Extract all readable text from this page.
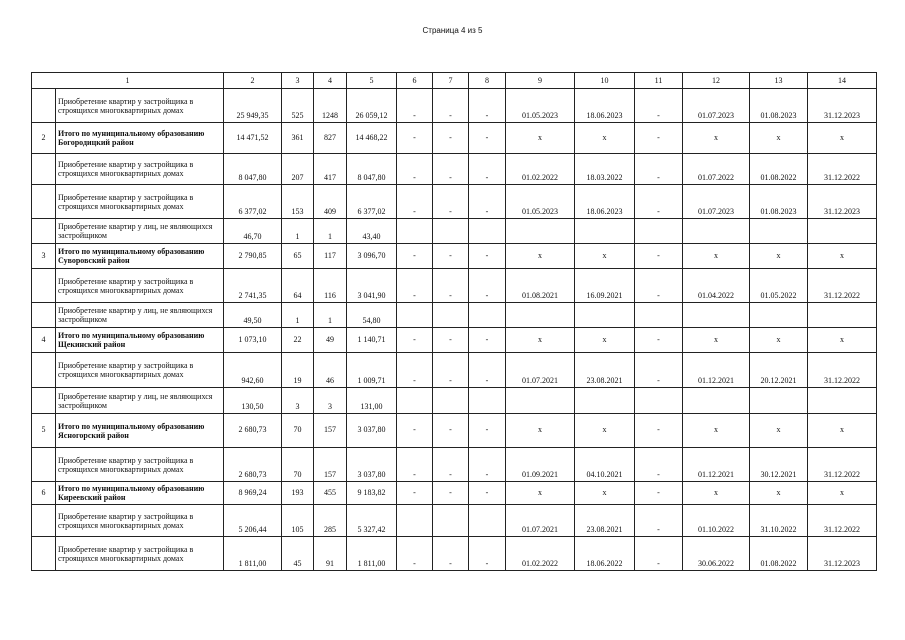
Страница 4 из 5
1		2	3	4	5	6	7	8	9	10	11	12	13	14
	Приобретение квартир у застройщика в строящихся многоквартирных домах	25 949,35	525	1248	26 059,12	-	-	-	01.05.2023	18.06.2023	-	01.07.2023	01.08.2023	31.12.2023
2	Итого по муниципальному образованию Богородицкий район	14 471,52	361	827	14 468,22	-	-	-	х	х	-	х	х	х
	Приобретение квартир у застройщика в строящихся многоквартирных домах	8 047,80	207	417	8 047,80	-	-	-	01.02.2022	18.03.2022	-	01.07.2022	01.08.2022	31.12.2022
	Приобретение квартир у застройщика в строящихся многоквартирных домах	6 377,02	153	409	6 377,02	-	-	-	01.05.2023	18.06.2023	-	01.07.2023	01.08.2023	31.12.2023
	Приобретение квартир у лиц, не являющихся застройщиком	46,70	1	1	43,40									
3	Итого по муниципальному образованию Суворовский район	2 790,85	65	117	3 096,70	-	-	-	х	х	-	х	х	х
	Приобретение квартир у застройщика в строящихся многоквартирных домах	2 741,35	64	116	3 041,90	-	-	-	01.08.2021	16.09.2021	-	01.04.2022	01.05.2022	31.12.2022
	Приобретение квартир у лиц, не являющихся застройщиком	49,50	1	1	54,80									
4	Итого по муниципальному образованию Щекинский район	1 073,10	22	49	1 140,71	-	-	-	х	х	-	х	х	х
	Приобретение квартир у застройщика в строящихся многоквартирных домах	942,60	19	46	1 009,71	-	-	-	01.07.2021	23.08.2021	-	01.12.2021	20.12.2021	31.12.2022
	Приобретение квартир у лиц, не являющихся застройщиком	130,50	3	3	131,00									
5	Итого по муниципальному образованию Ясногорский район	2 680,73	70	157	3 037,80	-	-	-	х	х	-	х	х	х
	Приобретение квартир у застройщика в строящихся многоквартирных домах	2 680,73	70	157	3 037,80	-	-	-	01.09.2021	04.10.2021	-	01.12.2021	30.12.2021	31.12.2022
6	Итого по муниципальному образованию Киреевский район	8 969,24	193	455	9 183,82	-	-	-	х	х	-	х	х	х
	Приобретение квартир у застройщика в строящихся многоквартирных домах	5 206,44	105	285	5 327,42				01.07.2021	23.08.2021	-	01.10.2022	31.10.2022	31.12.2022
	Приобретение квартир у застройщика в строящихся многоквартирных домах	1 811,00	45	91	1 811,00	-	-	-	01.02.2022	18.06.2022	-	30.06.2022	01.08.2022	31.12.2023
